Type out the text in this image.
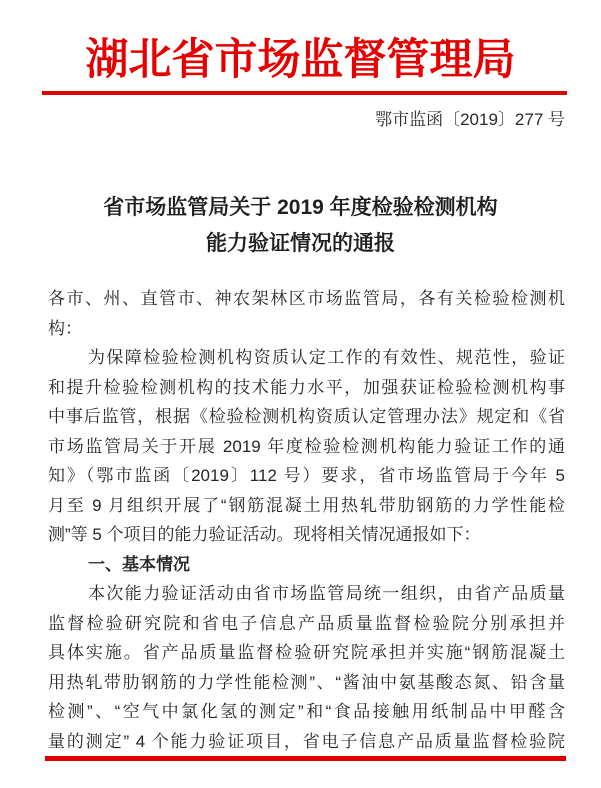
湖北省市场监督管理局
鄂市监函〔2019〕277 号
省市场监管局关于 2019 年度检验检测机构
能力验证情况的通报
各市、州、直管市、神农架林区市场监管局，各有关检验检测机
构：
为保障检验检测机构资质认定工作的有效性、规范性，验证
和提升检验检测机构的技术能力水平，加强获证检验检测机构事
中事后监管，根据《检验检测机构资质认定管理办法》规定和《省
市场监管局关于开展 2019 年度检验检测机构能力验证工作的通
知》（鄂市监函〔2019〕112 号）要求，省市场监管局于今年 5
月至 9 月组织开展了“钢筋混凝土用热轧带肋钢筋的力学性能检
测”等 5 个项目的能力验证活动。现将相关情况通报如下：
一、基本情况
本次能力验证活动由省市场监管局统一组织，由省产品质量
监督检验研究院和省电子信息产品质量监督检验院分别承担并
具体实施。省产品质量监督检验研究院承担并实施“钢筋混凝土
用热轧带肋钢筋的力学性能检测”、“酱油中氨基酸态氮、铅含量
检测”、“空气中氯化氢的测定”和“食品接触用纸制品中甲醛含
量的测定” 4 个能力验证项目，省电子信息产品质量监督检验院
